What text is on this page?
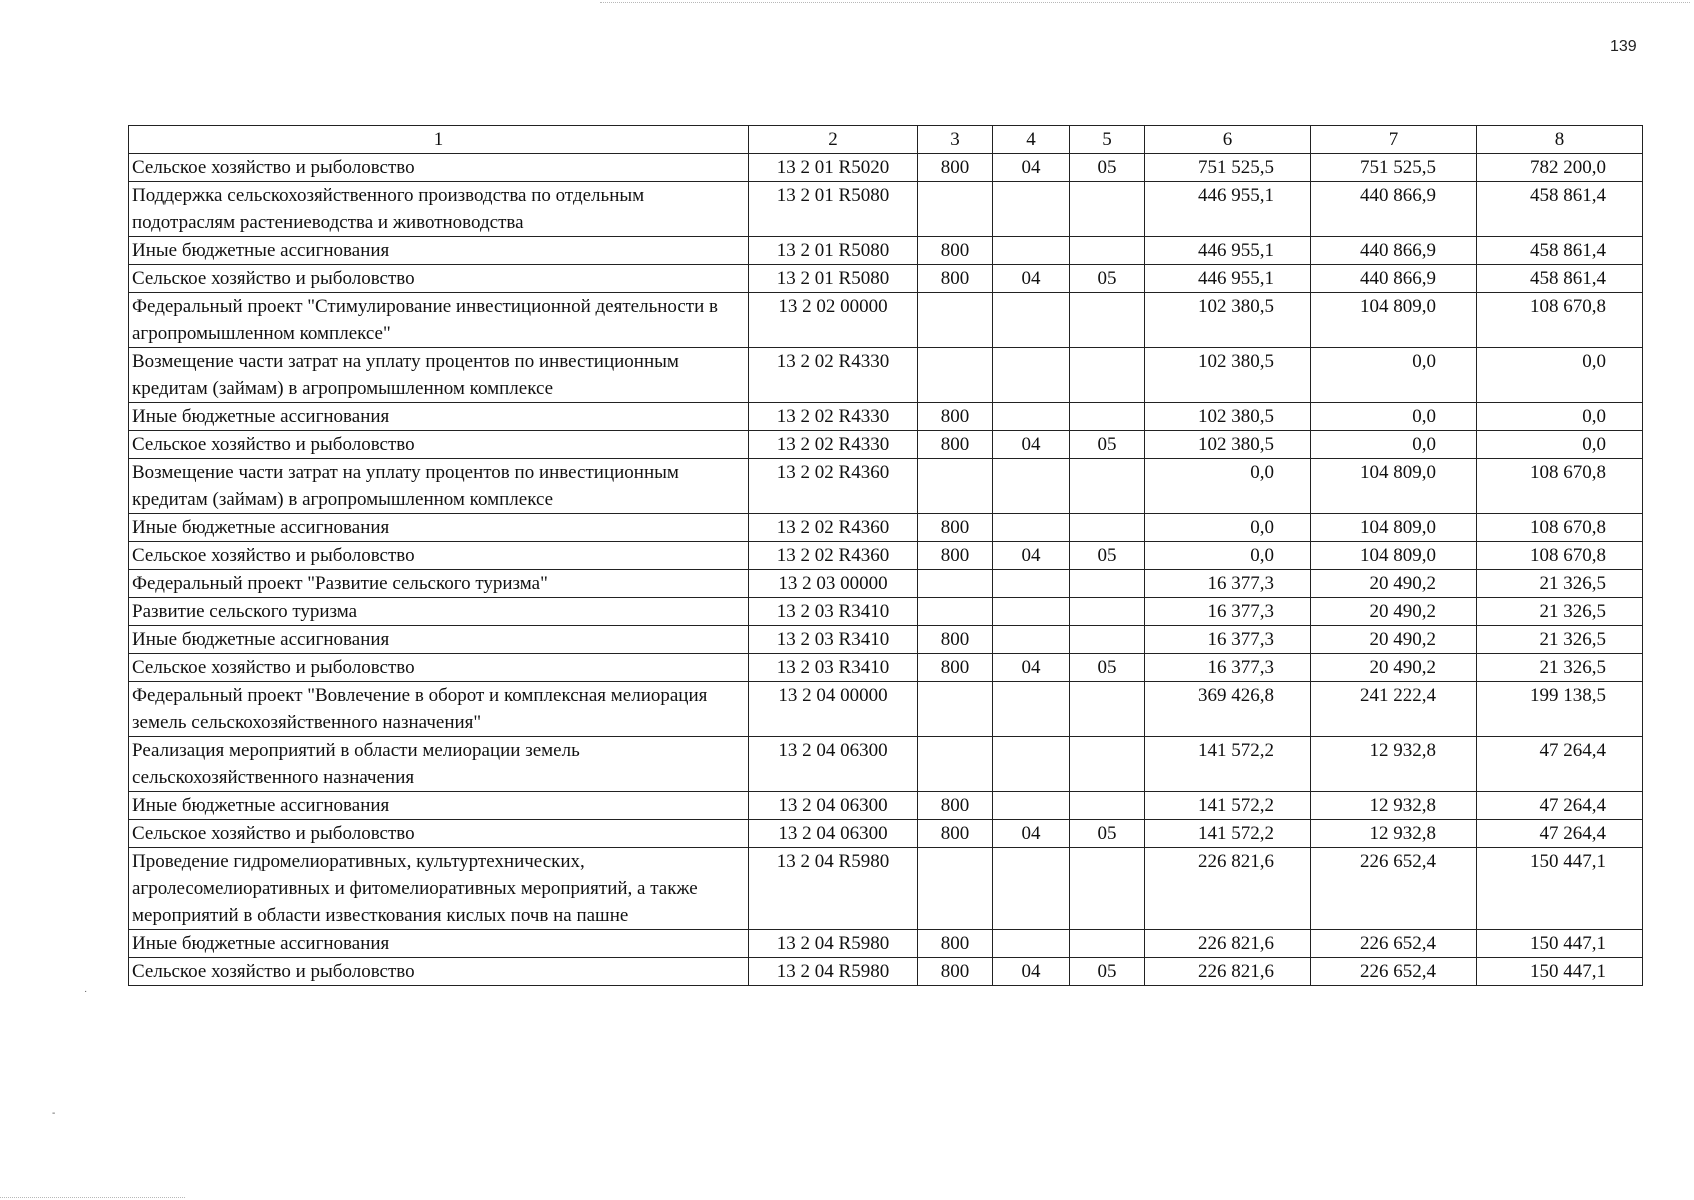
·
-
139
1	2	3	4	5	6	7	8
Сельское хозяйство и рыболовство	13 2 01 R5020	800	04	05	751 525,5	751 525,5	782 200,0
Поддержка сельскохозяйственного производства по отдельным подотраслям растениеводства и животноводства	13 2 01 R5080				446 955,1	440 866,9	458 861,4
Иные бюджетные ассигнования	13 2 01 R5080	800			446 955,1	440 866,9	458 861,4
Сельское хозяйство и рыболовство	13 2 01 R5080	800	04	05	446 955,1	440 866,9	458 861,4
Федеральный проект "Стимулирование инвестиционной деятельности в агропромышленном комплексе"	13 2 02 00000				102 380,5	104 809,0	108 670,8
Возмещение части затрат на уплату процентов по инвестиционным кредитам (займам) в агропромышленном комплексе	13 2 02 R4330				102 380,5	0,0	0,0
Иные бюджетные ассигнования	13 2 02 R4330	800			102 380,5	0,0	0,0
Сельское хозяйство и рыболовство	13 2 02 R4330	800	04	05	102 380,5	0,0	0,0
Возмещение части затрат на уплату процентов по инвестиционным кредитам (займам) в агропромышленном комплексе	13 2 02 R4360				0,0	104 809,0	108 670,8
Иные бюджетные ассигнования	13 2 02 R4360	800			0,0	104 809,0	108 670,8
Сельское хозяйство и рыболовство	13 2 02 R4360	800	04	05	0,0	104 809,0	108 670,8
Федеральный проект "Развитие сельского туризма"	13 2 03 00000				16 377,3	20 490,2	21 326,5
Развитие сельского туризма	13 2 03 R3410				16 377,3	20 490,2	21 326,5
Иные бюджетные ассигнования	13 2 03 R3410	800			16 377,3	20 490,2	21 326,5
Сельское хозяйство и рыболовство	13 2 03 R3410	800	04	05	16 377,3	20 490,2	21 326,5
Федеральный проект "Вовлечение в оборот и комплексная мелиорация земель сельскохозяйственного назначения"	13 2 04 00000				369 426,8	241 222,4	199 138,5
Реализация мероприятий в области мелиорации земель сельскохозяйственного назначения	13 2 04 06300				141 572,2	12 932,8	47 264,4
Иные бюджетные ассигнования	13 2 04 06300	800			141 572,2	12 932,8	47 264,4
Сельское хозяйство и рыболовство	13 2 04 06300	800	04	05	141 572,2	12 932,8	47 264,4
Проведение гидромелиоративных, культуртехнических, агролесомелиоративных и фитомелиоративных мероприятий, а также мероприятий в области известкования кислых почв на пашне	13 2 04 R5980				226 821,6	226 652,4	150 447,1
Иные бюджетные ассигнования	13 2 04 R5980	800			226 821,6	226 652,4	150 447,1
Сельское хозяйство и рыболовство	13 2 04 R5980	800	04	05	226 821,6	226 652,4	150 447,1
